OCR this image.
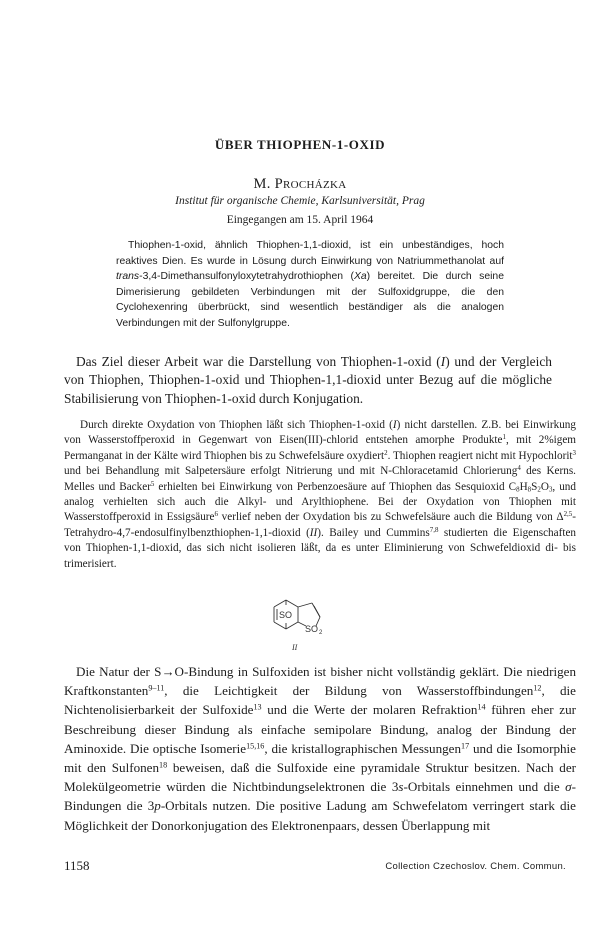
ÜBER THIOPHEN-1-OXID
M. PROCHÁZKA
Institut für organische Chemie, Karlsuniversität, Prag
Eingegangen am 15. April 1964
Thiophen-1-oxid, ähnlich Thiophen-1,1-dioxid, ist ein unbeständiges, hoch reaktives Dien. Es wurde in Lösung durch Einwirkung von Natriummethanolat auf trans-3,4-Dimethansulfonyloxytetrahydrothiophen (Xa) bereitet. Die durch seine Dimerisierung gebildeten Verbindungen mit der Sulfoxidgruppe, die den Cyclohexenring überbrückt, sind wesentlich beständiger als die analogen Verbindungen mit der Sulfonylgruppe.
Das Ziel dieser Arbeit war die Darstellung von Thiophen-1-oxid (I) und der Vergleich von Thiophen, Thiophen-1-oxid und Thiophen-1,1-dioxid unter Bezug auf die mögliche Stabilisierung von Thiophen-1-oxid durch Konjugation.
Durch direkte Oxydation von Thiophen läßt sich Thiophen-1-oxid (I) nicht darstellen. Z.B. bei Einwirkung von Wasserstoffperoxid in Gegenwart von Eisen(III)-chlorid entstehen amorphe Produkte$^1$, mit 2%igem Permanganat in der Kälte wird Thiophen bis zu Schwefelsäure oxydiert$^2$. Thiophen reagiert nicht mit Hypochlorit$^3$ und bei Behandlung mit Salpetersäure erfolgt Nitrierung und mit N-Chloracetamid Chlorierung$^4$ des Kerns. Melles und Backer$^5$ erhielten bei Einwirkung von Perbenzoesäure auf Thiophen das Sesquioxid $C_8H_8S_2O_3$, und analog verhielten sich auch die Alkyl- und Arylthiophene. Bei der Oxydation von Thiophen mit Wasserstoffperoxid in Essigsäure$^6$ verlief neben der Oxydation bis zu Schwefelsäure auch die Bildung von Δ$^{2,5}$-Tetrahydro-4,7-endosulfinylbenzthiophen-1,1-dioxid (II). Bailey und Cummins$^{7,8}$ studierten die Eigenschaften von Thiophen-1,1-dioxid, das sich nicht isolieren läßt, da es unter Eliminierung von Schwefeldioxid di- bis trimerisiert.
SO
SO 2
II
Die Natur der S→O-Bindung in Sulfoxiden ist bisher nicht vollständig geklärt. Die niedrigen Kraftkonstanten$^{9-11}$, die Leichtigkeit der Bildung von Wasserstoffbindungen$^{12}$, die Nichtenolisierbarkeit der Sulfoxide$^{13}$ und die Werte der molaren Refraktion$^{14}$ führen eher zur Beschreibung dieser Bindung als einfache semipolare Bindung, analog der Bindung der Aminoxide. Die optische Isomerie$^{15,16}$, die kristallographischen Messungen$^{17}$ und die Isomorphie mit den Sulfonen$^{18}$ beweisen, daß die Sulfoxide eine pyramidale Struktur besitzen. Nach der Molekülgeometrie würden die Nichtbindungselektronen die 3s-Orbitals einnehmen und die σ-Bindungen die 3p-Orbitals nutzen. Die positive Ladung am Schwefelatom verringert stark die Möglichkeit der Donorkonjugation des Elektronenpaars, dessen Überlappung mit
1158	Collection Czechoslov. Chem. Commun.
